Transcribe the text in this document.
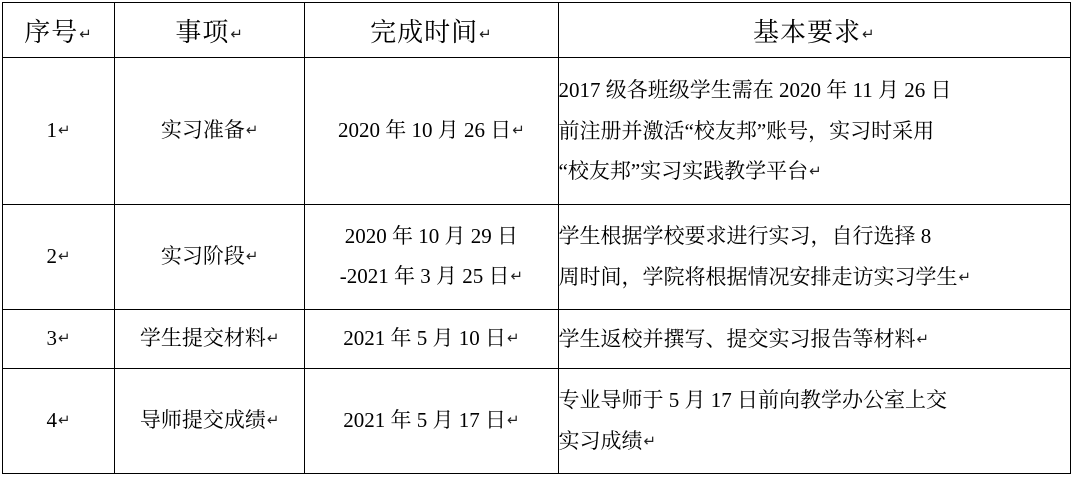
序号↵	事项↵	完成时间↵	基本要求↵
1↵	实习准备↵	2020 年 10 月 26 日↵	2017 级各班级学生需在 2020 年 11 月 26 日
前注册并激活“校友邦”账号，实习时采用
“校友邦”实习实践教学平台↵

2↵	实习阶段↵	2020 年 10 月 29 日
-2021 年 3 月 25 日↵	学生根据学校要求进行实习，自行选择 8
周时间，学院将根据情况安排走访实习学生↵

3↵	学生提交材料↵	2021 年 5 月 10 日↵	学生返校并撰写、提交实习报告等材料↵

4↵	导师提交成绩↵	2021 年 5 月 17 日↵	专业导师于 5 月 17 日前向教学办公室上交
实习成绩↵
